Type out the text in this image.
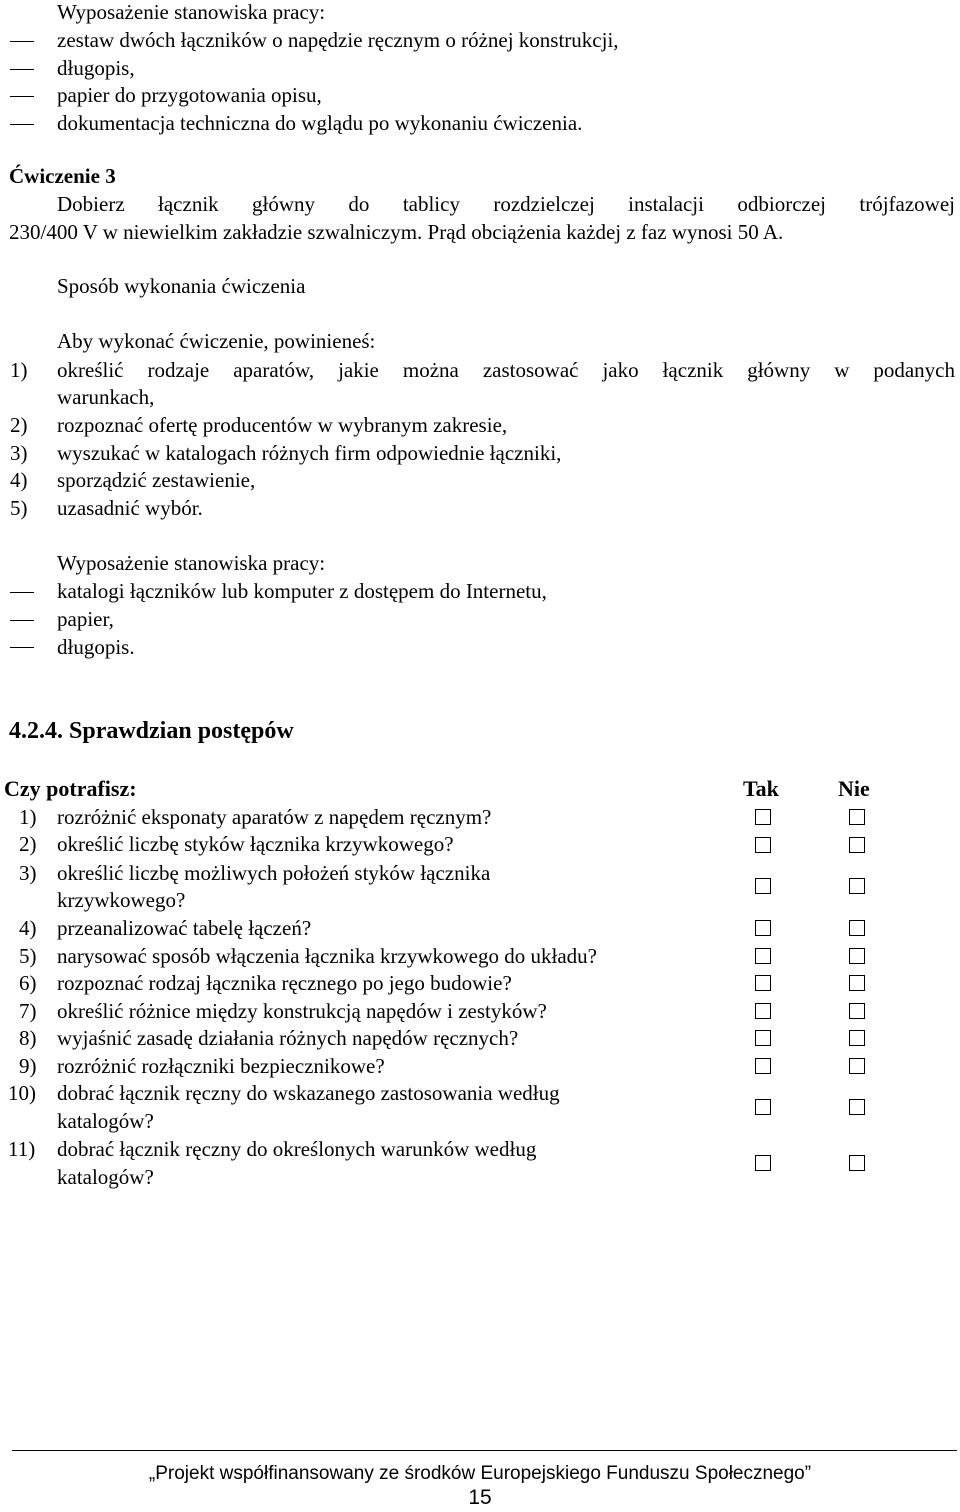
Wyposażenie stanowiska pracy:
zestaw dwóch łączników o napędzie ręcznym o różnej konstrukcji,
długopis,
papier do przygotowania opisu,
dokumentacja techniczna do wglądu po wykonaniu ćwiczenia.
Ćwiczenie 3
Dobierz łącznik główny do tablicy rozdzielczej instalacji odbiorczej trójfazowej
230/400 V w niewielkim zakładzie szwalniczym. Prąd obciążenia każdej z faz wynosi 50 A.
Sposób wykonania ćwiczenia
Aby wykonać ćwiczenie, powinieneś:
1) określić rodzaje aparatów, jakie można zastosować jako łącznik główny w podanych
warunkach,
2) rozpoznać ofertę producentów w wybranym zakresie,
3) wyszukać w katalogach różnych firm odpowiednie łączniki,
4) sporządzić zestawienie,
5) uzasadnić wybór.
Wyposażenie stanowiska pracy:
katalogi łączników lub komputer z dostępem do Internetu,
papier,
długopis.
4.2.4. Sprawdzian postępów
Czy potrafisz:	Tak	Nie
1) rozróżnić eksponaty aparatów z napędem ręcznym?
2) określić liczbę styków łącznika krzywkowego?
3) określić liczbę możliwych położeń styków łącznika
krzywkowego?
4) przeanalizować tabelę łączeń?
5) narysować sposób włączenia łącznika krzywkowego do układu?
6) rozpoznać rodzaj łącznika ręcznego po jego budowie?
7) określić różnice między konstrukcją napędów i zestyków?
8) wyjaśnić zasadę działania różnych napędów ręcznych?
9) rozróżnić rozłączniki bezpiecznikowe?
10) dobrać łącznik ręczny do wskazanego zastosowania według
katalogów?
11) dobrać łącznik ręczny do określonych warunków według
katalogów?
„Projekt współfinansowany ze środków Europejskiego Funduszu Społecznego”
15
